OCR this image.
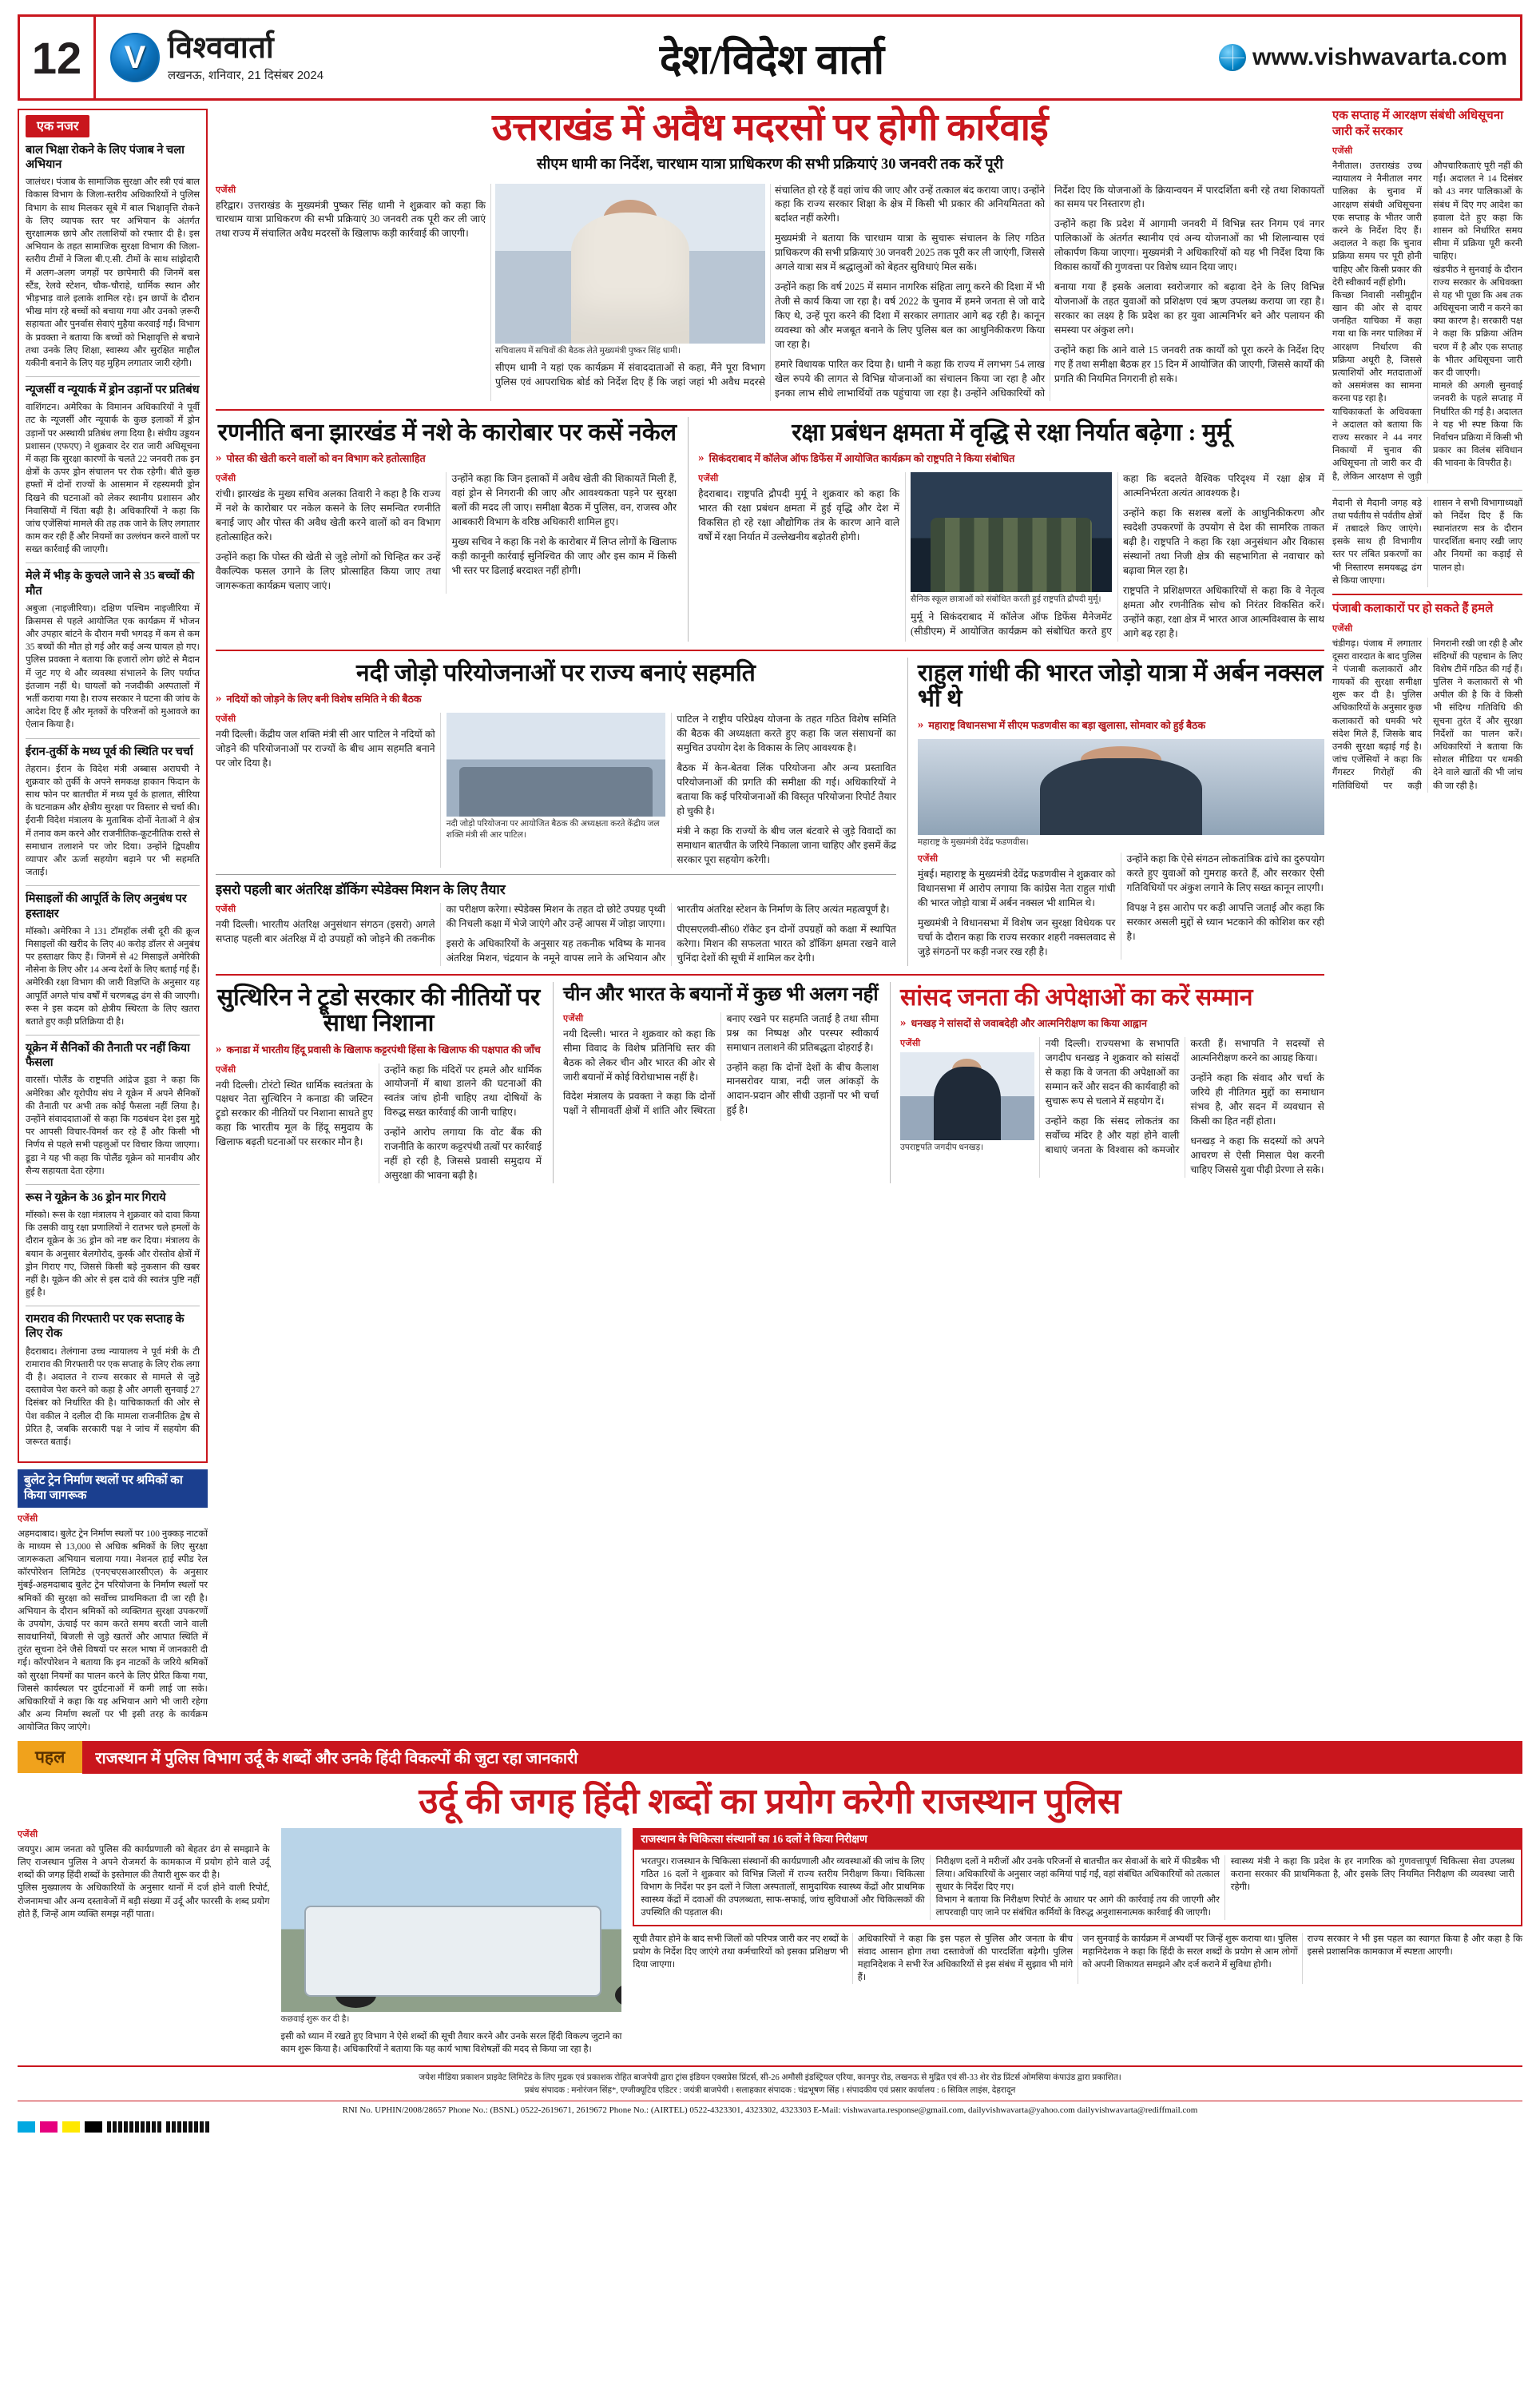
12 V	विश्ववार्ता
लखनऊ, शनिवार, 21 दिसंबर 2024	देश/विदेश वार्ता	www.vishwavarta.com
एक नजर

बाल भिक्षा रोकने के लिए पंजाब ने चला अभियान

जालंधर। पंजाब के सामाजिक सुरक्षा और स्त्री एवं बाल विकास विभाग के जिला-स्तरीय अधिकारियों ने पुलिस विभाग के साथ मिलकर सूबे में बाल भिक्षावृत्ति रोकने के लिए व्यापक स्तर पर अभियान के अंतर्गत सुरक्षात्मक छापे और तलाशियों को रफ्तार दी है। इस अभियान के तहत सामाजिक सुरक्षा विभाग की जिला-स्तरीय टीमों ने जिला बी.ए.सी. टीमों के साथ सांझेदारी में अलग-अलग जगहों पर छापेमारी की जिनमें बस स्टैंड, रेलवे स्टेशन, चौक-चौराहे, धार्मिक स्थान और भीड़भाड़ वाले इलाके शामिल रहे। इन छापों के दौरान भीख मांग रहे बच्चों को बचाया गया और उनको ज़रूरी सहायता और पुनर्वास सेवाएं मुहैया करवाई गईं। विभाग के प्रवक्ता ने बताया कि बच्चों को भिक्षावृत्ति से बचाने तथा उनके लिए शिक्षा, स्वास्थ्य और सुरक्षित माहौल यकीनी बनाने के लिए यह मुहिम लगातार जारी रहेगी।

न्यूजर्सी व न्यूयार्क में ड्रोन उड़ानों पर प्रतिबंध

वाशिंगटन। अमेरिका के विमानन अधिकारियों ने पूर्वी तट के न्यूजर्सी और न्यूयार्क के कुछ इलाकों में ड्रोन उड़ानों पर अस्थायी प्रतिबंध लगा दिया है। संघीय उड्डयन प्रशासन (एफएए) ने शुक्रवार देर रात जारी अधिसूचना में कहा कि सुरक्षा कारणों के चलते 22 जनवरी तक इन क्षेत्रों के ऊपर ड्रोन संचालन पर रोक रहेगी। बीते कुछ हफ्तों में दोनों राज्यों के आसमान में रहस्यमयी ड्रोन दिखने की घटनाओं को लेकर स्थानीय प्रशासन और निवासियों में चिंता बढ़ी है। अधिकारियों ने कहा कि जांच एजेंसियां मामले की तह तक जाने के लिए लगातार काम कर रही हैं और नियमों का उल्लंघन करने वालों पर सख्त कार्रवाई की जाएगी।

मेले में भीड़ के कुचले जाने से 35 बच्चों की मौत

अबुजा (नाइजीरिया)। दक्षिण पश्चिम नाइजीरिया में क्रिसमस से पहले आयोजित एक कार्यक्रम में भोजन और उपहार बांटने के दौरान मची भगदड़ में कम से कम 35 बच्चों की मौत हो गई और कई अन्य घायल हो गए। पुलिस प्रवक्ता ने बताया कि हजारों लोग छोटे से मैदान में जुट गए थे और व्यवस्था संभालने के लिए पर्याप्त इंतजाम नहीं थे। घायलों को नजदीकी अस्पतालों में भर्ती कराया गया है। राज्य सरकार ने घटना की जांच के आदेश दिए हैं और मृतकों के परिजनों को मुआवजे का ऐलान किया है।

ईरान-तुर्की के मध्य पूर्व की स्थिति पर चर्चा

तेहरान। ईरान के विदेश मंत्री अब्बास अराघची ने शुक्रवार को तुर्की के अपने समकक्ष हाकान फिदान के साथ फोन पर बातचीत में मध्य पूर्व के हालात, सीरिया के घटनाक्रम और क्षेत्रीय सुरक्षा पर विस्तार से चर्चा की। ईरानी विदेश मंत्रालय के मुताबिक दोनों नेताओं ने क्षेत्र में तनाव कम करने और राजनीतिक-कूटनीतिक रास्ते से समाधान तलाशने पर जोर दिया। उन्होंने द्विपक्षीय व्यापार और ऊर्जा सहयोग बढ़ाने पर भी सहमति जताई।

मिसाइलों की आपूर्ति के लिए अनुबंध पर हस्ताक्षर

मॉस्को। अमेरिका ने 131 टॉमहॉक लंबी दूरी की क्रूज मिसाइलों की खरीद के लिए 40 करोड़ डॉलर से अनुबंध पर हस्ताक्षर किए हैं। जिनमें से 42 मिसाइलें अमेरिकी नौसेना के लिए और 14 अन्य देशों के लिए बताई गई हैं। अमेरिकी रक्षा विभाग की जारी विज्ञप्ति के अनुसार यह आपूर्ति अगले पांच वर्षों में चरणबद्ध ढंग से की जाएगी। रूस ने इस कदम को क्षेत्रीय स्थिरता के लिए खतरा बताते हुए कड़ी प्रतिक्रिया दी है।

यूक्रेन में सैनिकों की तैनाती पर नहीं किया फैसला

वारसॉ। पोलैंड के राष्ट्रपति आंद्रेज डूडा ने कहा कि अमेरिका और यूरोपीय संघ ने यूक्रेन में अपने सैनिकों की तैनाती पर अभी तक कोई फैसला नहीं लिया है। उन्होंने संवाददाताओं से कहा कि गठबंधन देश इस मुद्दे पर आपसी विचार-विमर्श कर रहे हैं और किसी भी निर्णय से पहले सभी पहलुओं पर विचार किया जाएगा। डूडा ने यह भी कहा कि पोलैंड यूक्रेन को मानवीय और सैन्य सहायता देता रहेगा।

रूस ने यूक्रेन के 36 ड्रोन मार गिराये

मॉस्को। रूस के रक्षा मंत्रालय ने शुक्रवार को दावा किया कि उसकी वायु रक्षा प्रणालियों ने रातभर चले हमलों के दौरान यूक्रेन के 36 ड्रोन को नष्ट कर दिया। मंत्रालय के बयान के अनुसार बेलगोरोद, कुर्स्क और रोस्तोव क्षेत्रों में ड्रोन गिराए गए, जिससे किसी बड़े नुकसान की खबर नहीं है। यूक्रेन की ओर से इस दावे की स्वतंत्र पुष्टि नहीं हुई है।

रामराव की गिरफ्तारी पर एक सप्ताह के लिए रोक

हैदराबाद। तेलंगाना उच्च न्यायालय ने पूर्व मंत्री के टी रामाराव की गिरफ्तारी पर एक सप्ताह के लिए रोक लगा दी है। अदालत ने राज्य सरकार से मामले से जुड़े दस्तावेज पेश करने को कहा है और अगली सुनवाई 27 दिसंबर को निर्धारित की है। याचिकाकर्ता की ओर से पेश वकील ने दलील दी कि मामला राजनीतिक द्वेष से प्रेरित है, जबकि सरकारी पक्ष ने जांच में सहयोग की जरूरत बताई।

बुलेट ट्रेन निर्माण स्थलों पर श्रमिकों का किया जागरूक

एजेंसी

अहमदाबाद। बुलेट ट्रेन निर्माण स्थलों पर 100 नुक्कड़ नाटकों के माध्यम से 13,000 से अधिक श्रमिकों के लिए सुरक्षा जागरूकता अभियान चलाया गया। नेशनल हाई स्पीड रेल कॉरपोरेशन लिमिटेड (एनएचएसआरसीएल) के अनुसार मुंबई-अहमदाबाद बुलेट ट्रेन परियोजना के निर्माण स्थलों पर श्रमिकों की सुरक्षा को सर्वोच्च प्राथमिकता दी जा रही है। अभियान के दौरान श्रमिकों को व्यक्तिगत सुरक्षा उपकरणों के उपयोग, ऊंचाई पर काम करते समय बरती जाने वाली सावधानियों, बिजली से जुड़े खतरों और आपात स्थिति में तुरंत सूचना देने जैसे विषयों पर सरल भाषा में जानकारी दी गई। कॉरपोरेशन ने बताया कि इन नाटकों के जरिये श्रमिकों को सुरक्षा नियमों का पालन करने के लिए प्रेरित किया गया, जिससे कार्यस्थल पर दुर्घटनाओं में कमी लाई जा सके। अधिकारियों ने कहा कि यह अभियान आगे भी जारी रहेगा और अन्य निर्माण स्थलों पर भी इसी तरह के कार्यक्रम आयोजित किए जाएंगे।

उत्तराखंड में अवैध मदरसों पर होगी कार्रवाई

सीएम धामी का निर्देश, चारधाम यात्रा प्राधिकरण की सभी प्रक्रियाएं 30 जनवरी तक करें पूरी

एजेंसी

हरिद्वार। उत्तराखंड के मुख्यमंत्री पुष्कर सिंह धामी ने शुक्रवार को कहा कि चारधाम यात्रा प्राधिकरण की सभी प्रक्रियाएं 30 जनवरी तक पूरी कर ली जाएं तथा राज्य में संचालित अवैध मदरसों के खिलाफ कड़ी कार्रवाई की जाएगी।

सचिवालय में सचिवों की बैठक लेते मुख्यमंत्री पुष्कर सिंह धामी।

सीएम धामी ने यहां एक कार्यक्रम में संवाददाताओं से कहा, मैंने पूरा विभाग पुलिस एवं आपराधिक बोर्ड को निर्देश दिए हैं कि जहां जहां भी अवैध मदरसे संचालित हो रहे हैं वहां जांच की जाए और उन्हें तत्काल बंद कराया जाए। उन्होंने कहा कि राज्य सरकार शिक्षा के क्षेत्र में किसी भी प्रकार की अनियमितता को बर्दाश्त नहीं करेगी।

मुख्यमंत्री ने बताया कि चारधाम यात्रा के सुचारू संचालन के लिए गठित प्राधिकरण की सभी प्रक्रियाएं 30 जनवरी 2025 तक पूरी कर ली जाएंगी, जिससे अगले यात्रा सत्र में श्रद्धालुओं को बेहतर सुविधाएं मिल सकें।

उन्होंने कहा कि वर्ष 2025 में समान नागरिक संहिता लागू करने की दिशा में भी तेजी से कार्य किया जा रहा है। वर्ष 2022 के चुनाव में हमने जनता से जो वादे किए थे, उन्हें पूरा करने की दिशा में सरकार लगातार आगे बढ़ रही है। कानून व्यवस्था को और मजबूत बनाने के लिए पुलिस बल का आधुनिकीकरण किया जा रहा है।

हमारे विधायक पारित कर दिया है। धामी ने कहा कि राज्य में लगभग 54 लाख खेल रुपये की लागत से विभिन्न योजनाओं का संचालन किया जा रहा है और इनका लाभ सीधे लाभार्थियों तक पहुंचाया जा रहा है। उन्होंने अधिकारियों को निर्देश दिए कि योजनाओं के क्रियान्वयन में पारदर्शिता बनी रहे तथा शिकायतों का समय पर निस्तारण हो।

उन्होंने कहा कि प्रदेश में आगामी जनवरी में विभिन्न स्तर निगम एवं नगर पालिकाओं के अंतर्गत स्थानीय एवं अन्य योजनाओं का भी शिलान्यास एवं लोकार्पण किया जाएगा। मुख्यमंत्री ने अधिकारियों को यह भी निर्देश दिया कि विकास कार्यों की गुणवत्ता पर विशेष ध्यान दिया जाए।

बनाया गया हैं इसके अलावा स्वरोजगार को बढ़ावा देने के लिए विभिन्न योजनाओं के तहत युवाओं को प्रशिक्षण एवं ऋण उपलब्ध कराया जा रहा है। सरकार का लक्ष्य है कि प्रदेश का हर युवा आत्मनिर्भर बने और पलायन की समस्या पर अंकुश लगे।

उन्होंने कहा कि आने वाले 15 जनवरी तक कार्यों को पूरा करने के निर्देश दिए गए हैं तथा समीक्षा बैठक हर 15 दिन में आयोजित की जाएगी, जिससे कार्यों की प्रगति की नियमित निगरानी हो सके।

रणनीति बना झारखंड में नशे के कारोबार पर कसें नकेल
» पोस्त की खेती करने वालों को वन विभाग करे हतोत्साहित

एजेंसी

रांची। झारखंड के मुख्य सचिव अलका तिवारी ने कहा है कि राज्य में नशे के कारोबार पर नकेल कसने के लिए समन्वित रणनीति बनाई जाए और पोस्त की अवैध खेती करने वालों को वन विभाग हतोत्साहित करे।

उन्होंने कहा कि पोस्त की खेती से जुड़े लोगों को चिन्हित कर उन्हें वैकल्पिक फसल उगाने के लिए प्रोत्साहित किया जाए तथा जागरूकता कार्यक्रम चलाए जाएं।

उन्होंने कहा कि जिन इलाकों में अवैध खेती की शिकायतें मिली हैं, वहां ड्रोन से निगरानी की जाए और आवश्यकता पड़ने पर सुरक्षा बलों की मदद ली जाए। समीक्षा बैठक में पुलिस, वन, राजस्व और आबकारी विभाग के वरिष्ठ अधिकारी शामिल हुए।

मुख्य सचिव ने कहा कि नशे के कारोबार में लिप्त लोगों के खिलाफ कड़ी कानूनी कार्रवाई सुनिश्चित की जाए और इस काम में किसी भी स्तर पर ढिलाई बरदाश्त नहीं होगी।

रक्षा प्रबंधन क्षमता में वृद्धि से रक्षा निर्यात बढ़ेगा : मुर्मू
» सिकंदराबाद में कॉलेज ऑफ डिफेंस में आयोजित कार्यक्रम को राष्ट्रपति ने किया संबोधित

एजेंसी

हैदराबाद। राष्ट्रपति द्रौपदी मुर्मू ने शुक्रवार को कहा कि भारत की रक्षा प्रबंधन क्षमता में हुई वृद्धि और देश में विकसित हो रहे रक्षा औद्योगिक तंत्र के कारण आने वाले वर्षों में रक्षा निर्यात में उल्लेखनीय बढ़ोतरी होगी।

सैनिक स्कूल छात्राओं को संबोधित करती हुई राष्ट्रपति द्रौपदी मुर्मू।

मुर्मू ने सिकंदराबाद में कॉलेज ऑफ डिफेंस मैनेजमेंट (सीडीएम) में आयोजित कार्यक्रम को संबोधित करते हुए कहा कि बदलते वैश्विक परिदृश्य में रक्षा क्षेत्र में आत्मनिर्भरता अत्यंत आवश्यक है।

उन्होंने कहा कि सशस्त्र बलों के आधुनिकीकरण और स्वदेशी उपकरणों के उपयोग से देश की सामरिक ताकत बढ़ी है। राष्ट्रपति ने कहा कि रक्षा अनुसंधान और विकास संस्थानों तथा निजी क्षेत्र की सहभागिता से नवाचार को बढ़ावा मिल रहा है।

राष्ट्रपति ने प्रशिक्षणरत अधिकारियों से कहा कि वे नेतृत्व क्षमता और रणनीतिक सोच को निरंतर विकसित करें। उन्होंने कहा, रक्षा क्षेत्र में भारत आज आत्मविश्वास के साथ आगे बढ़ रहा है।

नदी जोड़ो परियोजनाओं पर राज्य बनाएं सहमति
» नदियों को जोड़ने के लिए बनी विशेष समिति ने की बैठक

एजेंसी

नयी दिल्ली। केंद्रीय जल शक्ति मंत्री सी आर पाटिल ने नदियों को जोड़ने की परियोजनाओं पर राज्यों के बीच आम सहमति बनाने पर जोर दिया है।

नदी जोड़ो परियोजना पर आयोजित बैठक की अध्यक्षता करते केंद्रीय जल शक्ति मंत्री सी आर पाटिल।

पाटिल ने राष्ट्रीय परिप्रेक्ष्य योजना के तहत गठित विशेष समिति की बैठक की अध्यक्षता करते हुए कहा कि जल संसाधनों का समुचित उपयोग देश के विकास के लिए आवश्यक है।

बैठक में केन-बेतवा लिंक परियोजना और अन्य प्रस्तावित परियोजनाओं की प्रगति की समीक्षा की गई। अधिकारियों ने बताया कि कई परियोजनाओं की विस्तृत परियोजना रिपोर्ट तैयार हो चुकी है।

मंत्री ने कहा कि राज्यों के बीच जल बंटवारे से जुड़े विवादों का समाधान बातचीत के जरिये निकाला जाना चाहिए और इसमें केंद्र सरकार पूरा सहयोग करेगी।

इसरो पहली बार अंतरिक्ष डॉकिंग स्पेडेक्स मिशन के लिए तैयार

एजेंसी

नयी दिल्ली। भारतीय अंतरिक्ष अनुसंधान संगठन (इसरो) अगले सप्ताह पहली बार अंतरिक्ष में दो उपग्रहों को जोड़ने की तकनीक का परीक्षण करेगा। स्पेडेक्स मिशन के तहत दो छोटे उपग्रह पृथ्वी की निचली कक्षा में भेजे जाएंगे और उन्हें आपस में जोड़ा जाएगा।

इसरो के अधिकारियों के अनुसार यह तकनीक भविष्य के मानव अंतरिक्ष मिशन, चंद्रयान के नमूने वापस लाने के अभियान और भारतीय अंतरिक्ष स्टेशन के निर्माण के लिए अत्यंत महत्वपूर्ण है।

पीएसएलवी-सी60 रॉकेट इन दोनों उपग्रहों को कक्षा में स्थापित करेगा। मिशन की सफलता भारत को डॉकिंग क्षमता रखने वाले चुनिंदा देशों की सूची में शामिल कर देगी।

राहुल गांधी की भारत जोड़ो यात्रा में अर्बन नक्सल भी थे
» महाराष्ट्र विधानसभा में सीएम फडणवीस का बड़ा खुलासा, सोमवार को हुई बैठक
महाराष्ट्र के मुख्यमंत्री देवेंद्र फडणवीस।

एजेंसी

मुंबई। महाराष्ट्र के मुख्यमंत्री देवेंद्र फडणवीस ने शुक्रवार को विधानसभा में आरोप लगाया कि कांग्रेस नेता राहुल गांधी की भारत जोड़ो यात्रा में अर्बन नक्सल भी शामिल थे।

मुख्यमंत्री ने विधानसभा में विशेष जन सुरक्षा विधेयक पर चर्चा के दौरान कहा कि राज्य सरकार शहरी नक्सलवाद से जुड़े संगठनों पर कड़ी नजर रख रही है।

उन्होंने कहा कि ऐसे संगठन लोकतांत्रिक ढांचे का दुरुपयोग करते हुए युवाओं को गुमराह करते हैं, और सरकार ऐसी गतिविधियों पर अंकुश लगाने के लिए सख्त कानून लाएगी।

विपक्ष ने इस आरोप पर कड़ी आपत्ति जताई और कहा कि सरकार असली मुद्दों से ध्यान भटकाने की कोशिश कर रही है।

सुत्थिरिन ने ट्रूडो सरकार की नीतियों पर साधा निशाना
» कनाडा में भारतीय हिंदू प्रवासी के खिलाफ कट्टरपंथी हिंसा के खिलाफ की पक्षपात की जाँच

एजेंसी

नयी दिल्ली। टोरंटो स्थित धार्मिक स्वतंत्रता के पक्षधर नेता सुत्थिरिन ने कनाडा की जस्टिन ट्रूडो सरकार की नीतियों पर निशाना साधते हुए कहा कि भारतीय मूल के हिंदू समुदाय के खिलाफ बढ़ती घटनाओं पर सरकार मौन है।

उन्होंने कहा कि मंदिरों पर हमले और धार्मिक आयोजनों में बाधा डालने की घटनाओं की स्वतंत्र जांच होनी चाहिए तथा दोषियों के विरुद्ध सख्त कार्रवाई की जानी चाहिए।

उन्होंने आरोप लगाया कि वोट बैंक की राजनीति के कारण कट्टरपंथी तत्वों पर कार्रवाई नहीं हो रही है, जिससे प्रवासी समुदाय में असुरक्षा की भावना बढ़ी है।

चीन और भारत के बयानों में कुछ भी अलग नहीं

एजेंसी

नयी दिल्ली। भारत ने शुक्रवार को कहा कि सीमा विवाद के विशेष प्रतिनिधि स्तर की बैठक को लेकर चीन और भारत की ओर से जारी बयानों में कोई विरोधाभास नहीं है।

विदेश मंत्रालय के प्रवक्ता ने कहा कि दोनों पक्षों ने सीमावर्ती क्षेत्रों में शांति और स्थिरता बनाए रखने पर सहमति जताई है तथा सीमा प्रश्न का निष्पक्ष और परस्पर स्वीकार्य समाधान तलाशने की प्रतिबद्धता दोहराई है।

उन्होंने कहा कि दोनों देशों के बीच कैलाश मानसरोवर यात्रा, नदी जल आंकड़ों के आदान-प्रदान और सीधी उड़ानों पर भी चर्चा हुई है।

सांसद जनता की अपेक्षाओं का करें सम्मान
» धनखड़ ने सांसदों से जवाबदेही और आत्मनिरीक्षण का किया आह्वान

एजेंसी

उपराष्ट्रपति जगदीप धनखड़।

नयी दिल्ली। राज्यसभा के सभापति जगदीप धनखड़ ने शुक्रवार को सांसदों से कहा कि वे जनता की अपेक्षाओं का सम्मान करें और सदन की कार्यवाही को सुचारू रूप से चलाने में सहयोग दें।

उन्होंने कहा कि संसद लोकतंत्र का सर्वोच्च मंदिर है और यहां होने वाली बाधाएं जनता के विश्वास को कमजोर करती हैं। सभापति ने सदस्यों से आत्मनिरीक्षण करने का आग्रह किया।

उन्होंने कहा कि संवाद और चर्चा के जरिये ही नीतिगत मुद्दों का समाधान संभव है, और सदन में व्यवधान से किसी का हित नहीं होता।

धनखड़ ने कहा कि सदस्यों को अपने आचरण से ऐसी मिसाल पेश करनी चाहिए जिससे युवा पीढ़ी प्रेरणा ले सके।

एक सप्ताह में आरक्षण संबंधी अधिसूचना जारी करें सरकार

एजेंसी

नैनीताल। उत्तराखंड उच्च न्यायालय ने नैनीताल नगर पालिका के चुनाव में आरक्षण संबंधी अधिसूचना एक सप्ताह के भीतर जारी करने के निर्देश दिए हैं। अदालत ने कहा कि चुनाव प्रक्रिया समय पर पूरी होनी चाहिए और किसी प्रकार की देरी स्वीकार्य नहीं होगी।

किच्छा निवासी नसीमुद्दीन खान की ओर से दायर जनहित याचिका में कहा गया था कि नगर पालिका में आरक्षण निर्धारण की प्रक्रिया अधूरी है, जिससे प्रत्याशियों और मतदाताओं को असमंजस का सामना करना पड़ रहा है।

याचिकाकर्ता के अधिवक्ता ने अदालत को बताया कि राज्य सरकार ने 44 नगर निकायों में चुनाव की अधिसूचना तो जारी कर दी है, लेकिन आरक्षण से जुड़ी औपचारिकताएं पूरी नहीं की गईं। अदालत ने 14 दिसंबर को 43 नगर पालिकाओं के संबंध में दिए गए आदेश का हवाला देते हुए कहा कि शासन को निर्धारित समय सीमा में प्रक्रिया पूरी करनी चाहिए।

खंडपीठ ने सुनवाई के दौरान राज्य सरकार के अधिवक्ता से यह भी पूछा कि अब तक अधिसूचना जारी न करने का क्या कारण है। सरकारी पक्ष ने कहा कि प्रक्रिया अंतिम चरण में है और एक सप्ताह के भीतर अधिसूचना जारी कर दी जाएगी।

मामले की अगली सुनवाई जनवरी के पहले सप्ताह में निर्धारित की गई है। अदालत ने यह भी स्पष्ट किया कि निर्वाचन प्रक्रिया में किसी भी प्रकार का विलंब संविधान की भावना के विपरीत है।

मैदानी से मैदानी जगह बड़े तथा पर्वतीय से पर्वतीय क्षेत्रों में तबादले किए जाएंगे। इसके साथ ही विभागीय स्तर पर लंबित प्रकरणों का भी निस्तारण समयबद्ध ढंग से किया जाएगा।

शासन ने सभी विभागाध्यक्षों को निर्देश दिए हैं कि स्थानांतरण सत्र के दौरान पारदर्शिता बनाए रखी जाए और नियमों का कड़ाई से पालन हो।

पंजाबी कलाकारों पर हो सकते हैं हमले

एजेंसी

चंडीगढ़। पंजाब में लगातार दूसरा वारदात के बाद पुलिस ने पंजाबी कलाकारों और गायकों की सुरक्षा समीक्षा शुरू कर दी है। पुलिस अधिकारियों के अनुसार कुछ कलाकारों को धमकी भरे संदेश मिले हैं, जिसके बाद उनकी सुरक्षा बढ़ाई गई है। जांच एजेंसियों ने कहा कि गैंगस्टर गिरोहों की गतिविधियों पर कड़ी निगरानी रखी जा रही है और संदिग्धों की पहचान के लिए विशेष टीमें गठित की गई हैं। पुलिस ने कलाकारों से भी अपील की है कि वे किसी भी संदिग्ध गतिविधि की सूचना तुरंत दें और सुरक्षा निर्देशों का पालन करें। अधिकारियों ने बताया कि सोशल मीडिया पर धमकी देने वाले खातों की भी जांच की जा रही है।

पहल	राजस्थान में पुलिस विभाग उर्दू के शब्दों और उनके हिंदी विकल्पों की जुटा रहा जानकारी
उर्दू की जगह हिंदी शब्दों का प्रयोग करेगी राजस्थान पुलिस

एजेंसी

जयपुर। आम जनता को पुलिस की कार्यप्रणाली को बेहतर ढंग से समझाने के लिए राजस्थान पुलिस ने अपने रोजमर्रा के कामकाज में प्रयोग होने वाले उर्दू शब्दों की जगह हिंदी शब्दों के इस्तेमाल की तैयारी शुरू कर दी है।

पुलिस मुख्यालय के अधिकारियों के अनुसार थानों में दर्ज होने वाली रिपोर्ट, रोजनामचा और अन्य दस्तावेजों में बड़ी संख्या में उर्दू और फारसी के शब्द प्रयोग होते हैं, जिन्हें आम व्यक्ति समझ नहीं पाता।

कछवाई शुरू कर दी है।

इसी को ध्यान में रखते हुए विभाग ने ऐसे शब्दों की सूची तैयार करने और उनके सरल हिंदी विकल्प जुटाने का काम शुरू किया है। अधिकारियों ने बताया कि यह कार्य भाषा विशेषज्ञों की मदद से किया जा रहा है।

राजस्थान के चिकित्सा संस्थानों का 16 दलों ने किया निरीक्षण

भरतपुर। राजस्थान के चिकित्सा संस्थानों की कार्यप्रणाली और व्यवस्थाओं की जांच के लिए गठित 16 दलों ने शुक्रवार को विभिन्न जिलों में राज्य स्तरीय निरीक्षण किया। चिकित्सा विभाग के निर्देश पर इन दलों ने जिला अस्पतालों, सामुदायिक स्वास्थ्य केंद्रों और प्राथमिक स्वास्थ्य केंद्रों में दवाओं की उपलब्धता, साफ-सफाई, जांच सुविधाओं और चिकित्सकों की उपस्थिति की पड़ताल की।

निरीक्षण दलों ने मरीजों और उनके परिजनों से बातचीत कर सेवाओं के बारे में फीडबैक भी लिया। अधिकारियों के अनुसार जहां कमियां पाई गईं, वहां संबंधित अधिकारियों को तत्काल सुधार के निर्देश दिए गए।

विभाग ने बताया कि निरीक्षण रिपोर्ट के आधार पर आगे की कार्रवाई तय की जाएगी और लापरवाही पाए जाने पर संबंधित कर्मियों के विरुद्ध अनुशासनात्मक कार्रवाई की जाएगी।

स्वास्थ्य मंत्री ने कहा कि प्रदेश के हर नागरिक को गुणवत्तापूर्ण चिकित्सा सेवा उपलब्ध कराना सरकार की प्राथमिकता है, और इसके लिए नियमित निरीक्षण की व्यवस्था जारी रहेगी।

सूची तैयार होने के बाद सभी जिलों को परिपत्र जारी कर नए शब्दों के प्रयोग के निर्देश दिए जाएंगे तथा कर्मचारियों को इसका प्रशिक्षण भी दिया जाएगा।

अधिकारियों ने कहा कि इस पहल से पुलिस और जनता के बीच संवाद आसान होगा तथा दस्तावेजों की पारदर्शिता बढ़ेगी। पुलिस महानिदेशक ने सभी रेंज अधिकारियों से इस संबंध में सुझाव भी मांगे हैं।

जन सुनवाई के कार्यक्रम में अभ्यर्थी पर जिन्हें शुरू कराया था। पुलिस महानिदेशक ने कहा कि हिंदी के सरल शब्दों के प्रयोग से आम लोगों को अपनी शिकायत समझने और दर्ज कराने में सुविधा होगी।

राज्य सरकार ने भी इस पहल का स्वागत किया है और कहा है कि इससे प्रशासनिक कामकाज में स्पष्टता आएगी।

जयेश मीडिया प्रकाशन प्राइवेट लिमिटेड के लिए मुद्रक एवं प्रकाशक रोहित बाजपेयी द्वारा ट्रांस इंडियन एक्सप्रेस प्रिंटर्स, सी-26 अमौसी इंडस्ट्रियल एरिया, कानपुर रोड, लखनऊ से मुद्रित एवं सी-33 शेर रोड प्रिंटर्स ओमसिया कंपाउंड द्वारा प्रकाशित।
प्रबंध संपादक : मनोरंजन सिंह*, एग्जीक्यूटिव एडिटर : जयंत्री बाजपेयी । सलाहकार संपादक : चंद्रभूषण सिंह । संपादकीय एवं प्रसार कार्यालय : 6 सिविल लाइंस, देहरादून
RNI No. UPHIN/2008/28657 Phone No.: (BSNL) 0522-2619671, 2619672 Phone No.: (AIRTEL) 0522-4323301, 4323302, 4323303 E-Mail: vishwavarta.response@gmail.com, dailyvishwavarta@yahoo.com dailyvishwavarta@rediffmail.com
